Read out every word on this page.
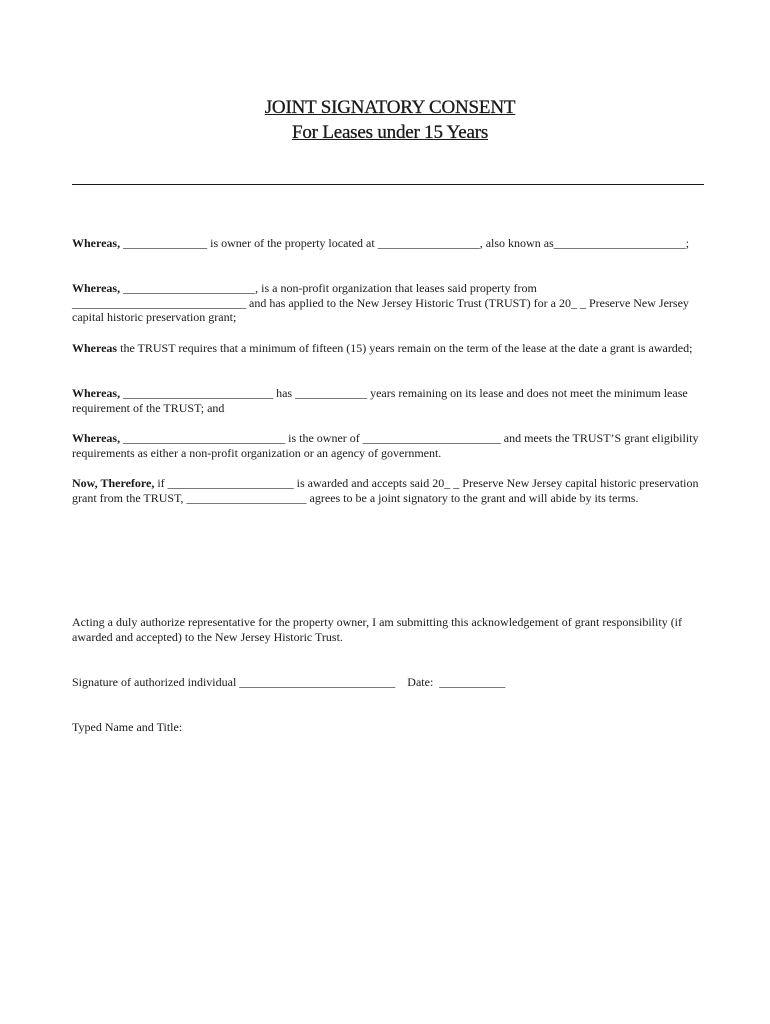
JOINT SIGNATORY CONSENT
For Leases under 15 Years
Whereas, ______________ is owner of the property located at _________________, also known as______________________;
Whereas, ______________________, is a non-profit organization that leases said property from _____________________________ and has applied to the New Jersey Historic Trust (TRUST) for a 20_ _ Preserve New Jersey capital historic preservation grant;
Whereas the TRUST requires that a minimum of fifteen (15) years remain on the term of the lease at the date a grant is awarded;
Whereas, _________________________ has ____________ years remaining on its lease and does not meet the minimum lease requirement of the TRUST; and
Whereas, ___________________________ is the owner of _______________________ and meets the TRUST’S grant eligibility requirements as either a non-profit organization or an agency of government.
Now, Therefore, if _____________________ is awarded and accepts said 20_ _ Preserve New Jersey capital historic preservation grant from the TRUST, ____________________ agrees to be a joint signatory to the grant and will abide by its terms.
Acting a duly authorize representative for the property owner, I am submitting this acknowledgement of grant responsibility (if awarded and accepted) to the New Jersey Historic Trust.
Signature of authorized individual __________________________    Date:  ___________
Typed Name and Title:
